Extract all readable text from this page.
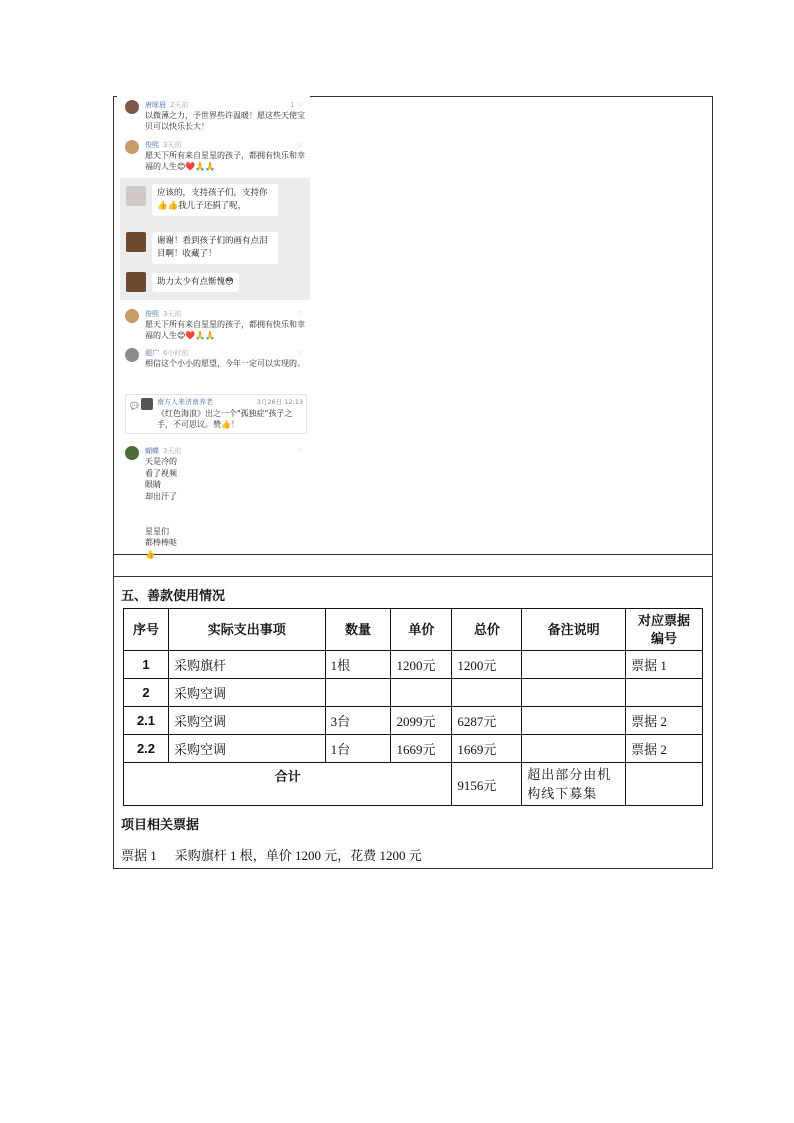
唐晞晨 2天前	1 ♡
以微薄之力，予世界些许温暖！愿这些天使宝贝可以快乐长大！
俊熙 3天前	♡
愿天下所有来自星星的孩子，都拥有快乐和幸福的人生😊❤️🙏🙏
应该的，支持孩子们，支持你👍👍我儿子还捐了呢，
谢谢！看到孩子们的画有点泪目啊！收藏了！
助力太少有点惭愧😳
俊熙 3天前	♡
愿天下所有来自星星的孩子，都拥有快乐和幸福的人生😊❤️🙏🙏
超广 6小时前	♡
相信这个小小的愿望，今年一定可以实现的。
💬	南方人来济南养老	3月26日 12:13
《红色海浪》出之一个"孤独症"孩子之手，不可思议。赞👍！
蝴蝶 3天前	♡
天是冷的
看了视频
眼睛
却出汗了
星星们
都棒棒哒
👍
五、善款使用情况
序号	实际支出事项	数量	单价	总价	备注说明	对应票据
编号

1	采购旗杆	1根	1200元	1200元		票据 1
2	采购空调					
2.1	采购空调	3台	2099元	6287元		票据 2
2.2	采购空调	1台	1669元	1669元		票据 2
合计				9156元	超出部分由机构线下募集	
项目相关票据
票据 1 采购旗杆 1 根，单价 1200 元，花费 1200 元
